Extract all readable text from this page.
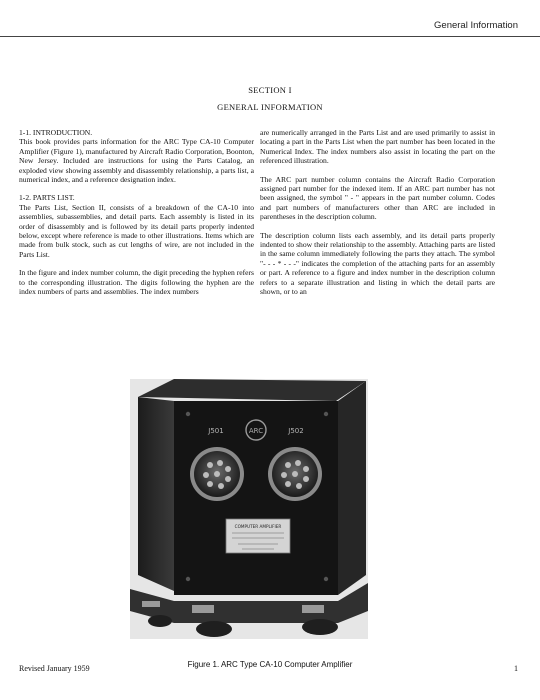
General Information
SECTION I
GENERAL INFORMATION
1-1. INTRODUCTION.

This book provides parts information for the ARC Type CA-10 Computer Amplifier (Figure 1), manufactured by Aircraft Radio Corporation, Boonton, New Jersey. Included are instructions for using the Parts Catalog, an exploded view showing assembly and disassembly relationship, a parts list, a numerical index, and a reference designation index.

1-2. PARTS LIST.

The Parts List, Section II, consists of a breakdown of the CA-10 into assemblies, subassemblies, and detail parts. Each assembly is listed in its order of disassembly and is followed by its detail parts properly indented below, except where reference is made to other illustrations. Items which are made from bulk stock, such as cut lengths of wire, are not included in the Parts List.

In the figure and index number column, the digit preceding the hyphen refers to the corresponding illustration. The digits following the hyphen are the index numbers of parts and assemblies. The index numbers

are numerically arranged in the Parts List and are used primarily to assist in locating a part in the Parts List when the part number has been located in the Numerical Index. The index numbers also assist in locating the part on the referenced illustration.

The ARC part number column contains the Aircraft Radio Corporation assigned part number for the indexed item. If an ARC part number has not been assigned, the symbol " - " appears in the part number column. Codes and part numbers of manufacturers other than ARC are included in parentheses in the description column.

The description column lists each assembly, and its detail parts properly indented to show their relationship to the assembly. Attaching parts are listed in the same column immediately following the parts they attach. The symbol "- - - * - - -" indicates the completion of the attaching parts for an assembly or part. A reference to a figure and index number in the description column refers to a separate illustration and listing in which the detail parts are shown, or to an

ARC
J501	J502
COMPUTER AMPLIFIER
Figure 1. ARC Type CA-10 Computer Amplifier
Revised January 1959	1
